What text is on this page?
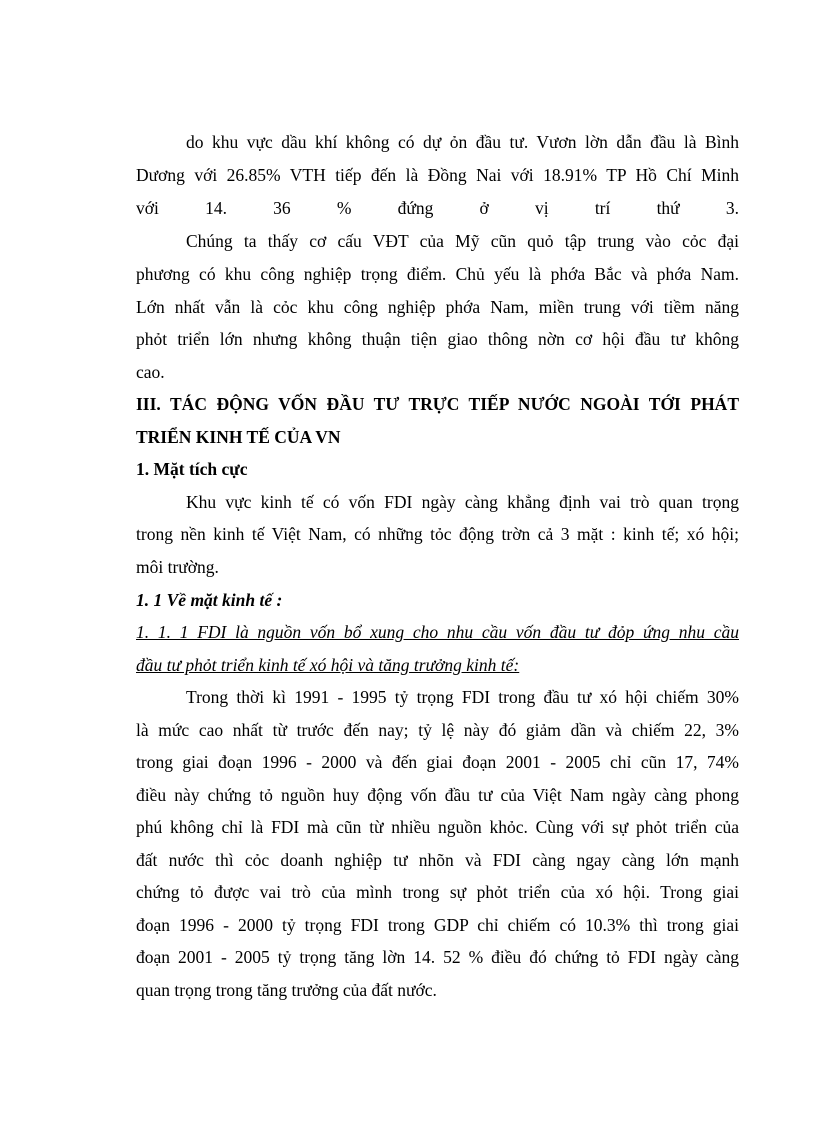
do khu vực dầu khí không có dự ỏn đầu tư. Vươn lờn dẫn đầu là Bình
Dương với 26.85% VTH tiếp đến là Đồng Nai với 18.91% TP Hồ Chí Minh
với 14. 36 % đứng ở vị trí thứ 3.
Chúng ta thấy cơ cấu VĐT của Mỹ cũn quỏ tập trung vào cỏc đại
phương có khu công nghiệp trọng điểm. Chủ yếu là phớa Bắc và phớa Nam.
Lớn nhất vẫn là cỏc khu công nghiệp phớa Nam, miền trung với tiềm năng
phỏt triển lớn nhưng không thuận tiện giao thông nờn cơ hội đầu tư không
cao.
III. TÁC ĐỘNG VỐN ĐẦU TƯ TRỰC TIẾP NƯỚC NGOÀI TỚI PHÁT
TRIỂN KINH TẾ CỦA VN
1. Mặt tích cực
Khu vực kinh tế có vốn FDI ngày càng khẳng định vai trò quan trọng
trong nền kinh tế Việt Nam, có những tỏc động trờn cả 3 mặt : kinh tế; xó hội;
môi trường.
1. 1 Về mặt kinh tế :
1. 1. 1 FDI là nguồn vốn bổ xung cho nhu cầu vốn đầu tư đỏp ứng nhu cầu
đầu tư phỏt triển kinh tế xó hội và tăng trưởng kinh tế:
Trong thời kì 1991 - 1995 tỷ trọng FDI trong đầu tư xó hội chiếm 30%
là mức cao nhất từ trước đến nay; tỷ lệ này đó giảm dần và chiếm 22, 3%
trong giai đoạn 1996 - 2000 và đến giai đoạn 2001 - 2005 chỉ cũn 17, 74%
điều này chứng tỏ nguồn huy động vốn đầu tư của Việt Nam ngày càng phong
phú không chỉ là FDI mà cũn từ nhiều nguồn khỏc. Cùng với sự phỏt triển của
đất nước thì cỏc doanh nghiệp tư nhõn và FDI càng ngay càng lớn mạnh
chứng tỏ được vai trò của mình trong sự phỏt triển của xó hội. Trong giai
đoạn 1996 - 2000 tỷ trọng FDI trong GDP chỉ chiếm có 10.3% thì trong giai
đoạn 2001 - 2005 tỷ trọng tăng lờn 14. 52 % điều đó chứng tỏ FDI ngày càng
quan trọng trong tăng trưởng của đất nước.
